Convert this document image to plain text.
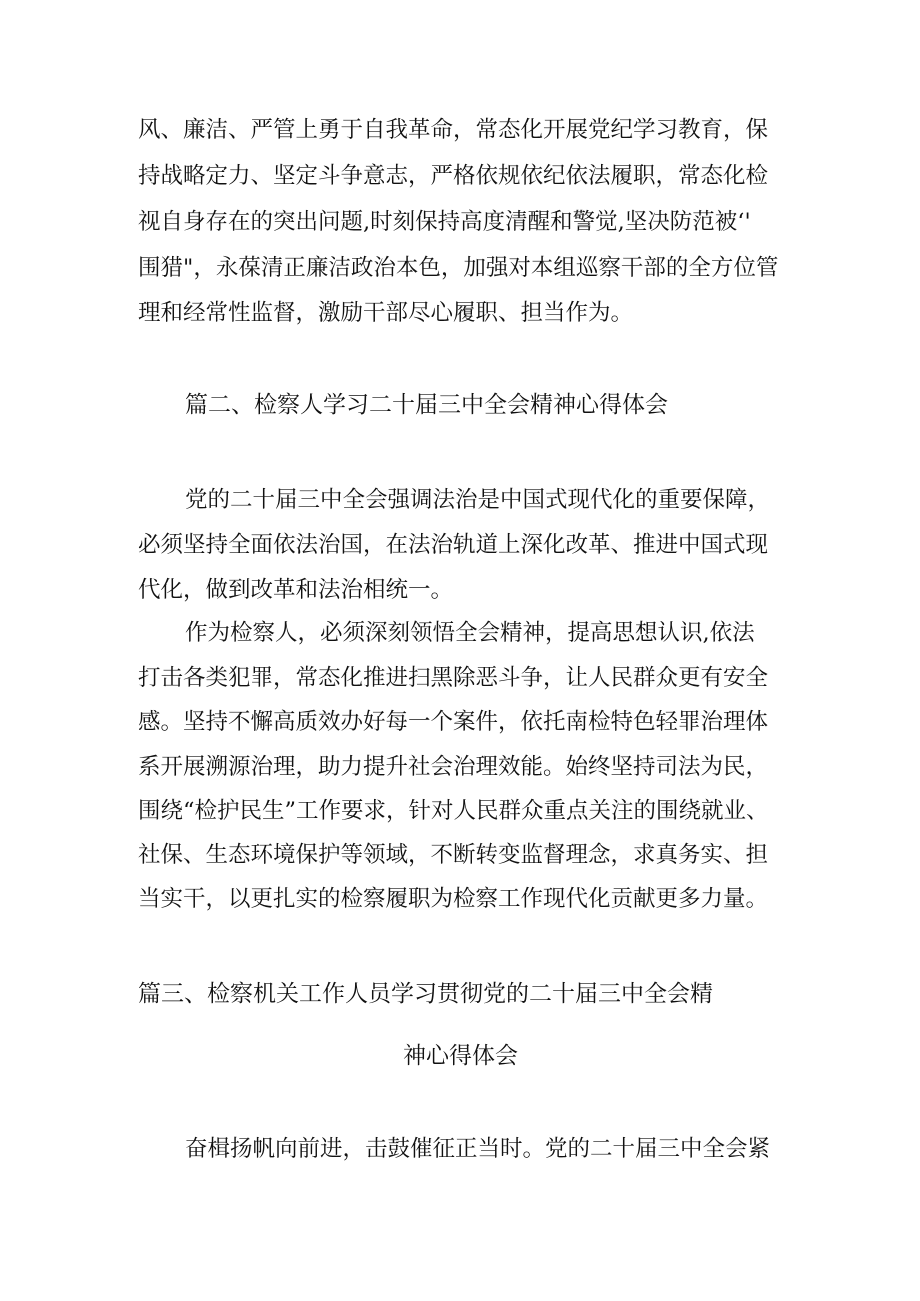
风、廉洁、严管上勇于自我革命，常态化开展党纪学习教育，保
持战略定力、坚定斗争意志，严格依规依纪依法履职，常态化检
视自身存在的突出问题,时刻保持高度清醒和警觉,坚决防范被‘'
围猎"，永葆清正廉洁政治本色，加强对本组巡察干部的全方位管
理和经常性监督，激励干部尽心履职、担当作为。
篇二、检察人学习二十届三中全会精神心得体会
党的二十届三中全会强调法治是中国式现代化的重要保障，
必须坚持全面依法治国，在法治轨道上深化改革、推进中国式现
代化，做到改革和法治相统一。
作为检察人，必须深刻领悟全会精神，提高思想认识,依法
打击各类犯罪，常态化推进扫黑除恶斗争，让人民群众更有安全
感。坚持不懈高质效办好每一个案件，依托南检特色轻罪治理体
系开展溯源治理，助力提升社会治理效能。始终坚持司法为民，
围绕“检护民生”工作要求，针对人民群众重点关注的围绕就业、
社保、生态环境保护等领域，不断转变监督理念，求真务实、担
当实干，以更扎实的检察履职为检察工作现代化贡献更多力量。
篇三、检察机关工作人员学习贯彻党的二十届三中全会精
神心得体会
奋楫扬帆向前进，击鼓催征正当时。党的二十届三中全会紧
